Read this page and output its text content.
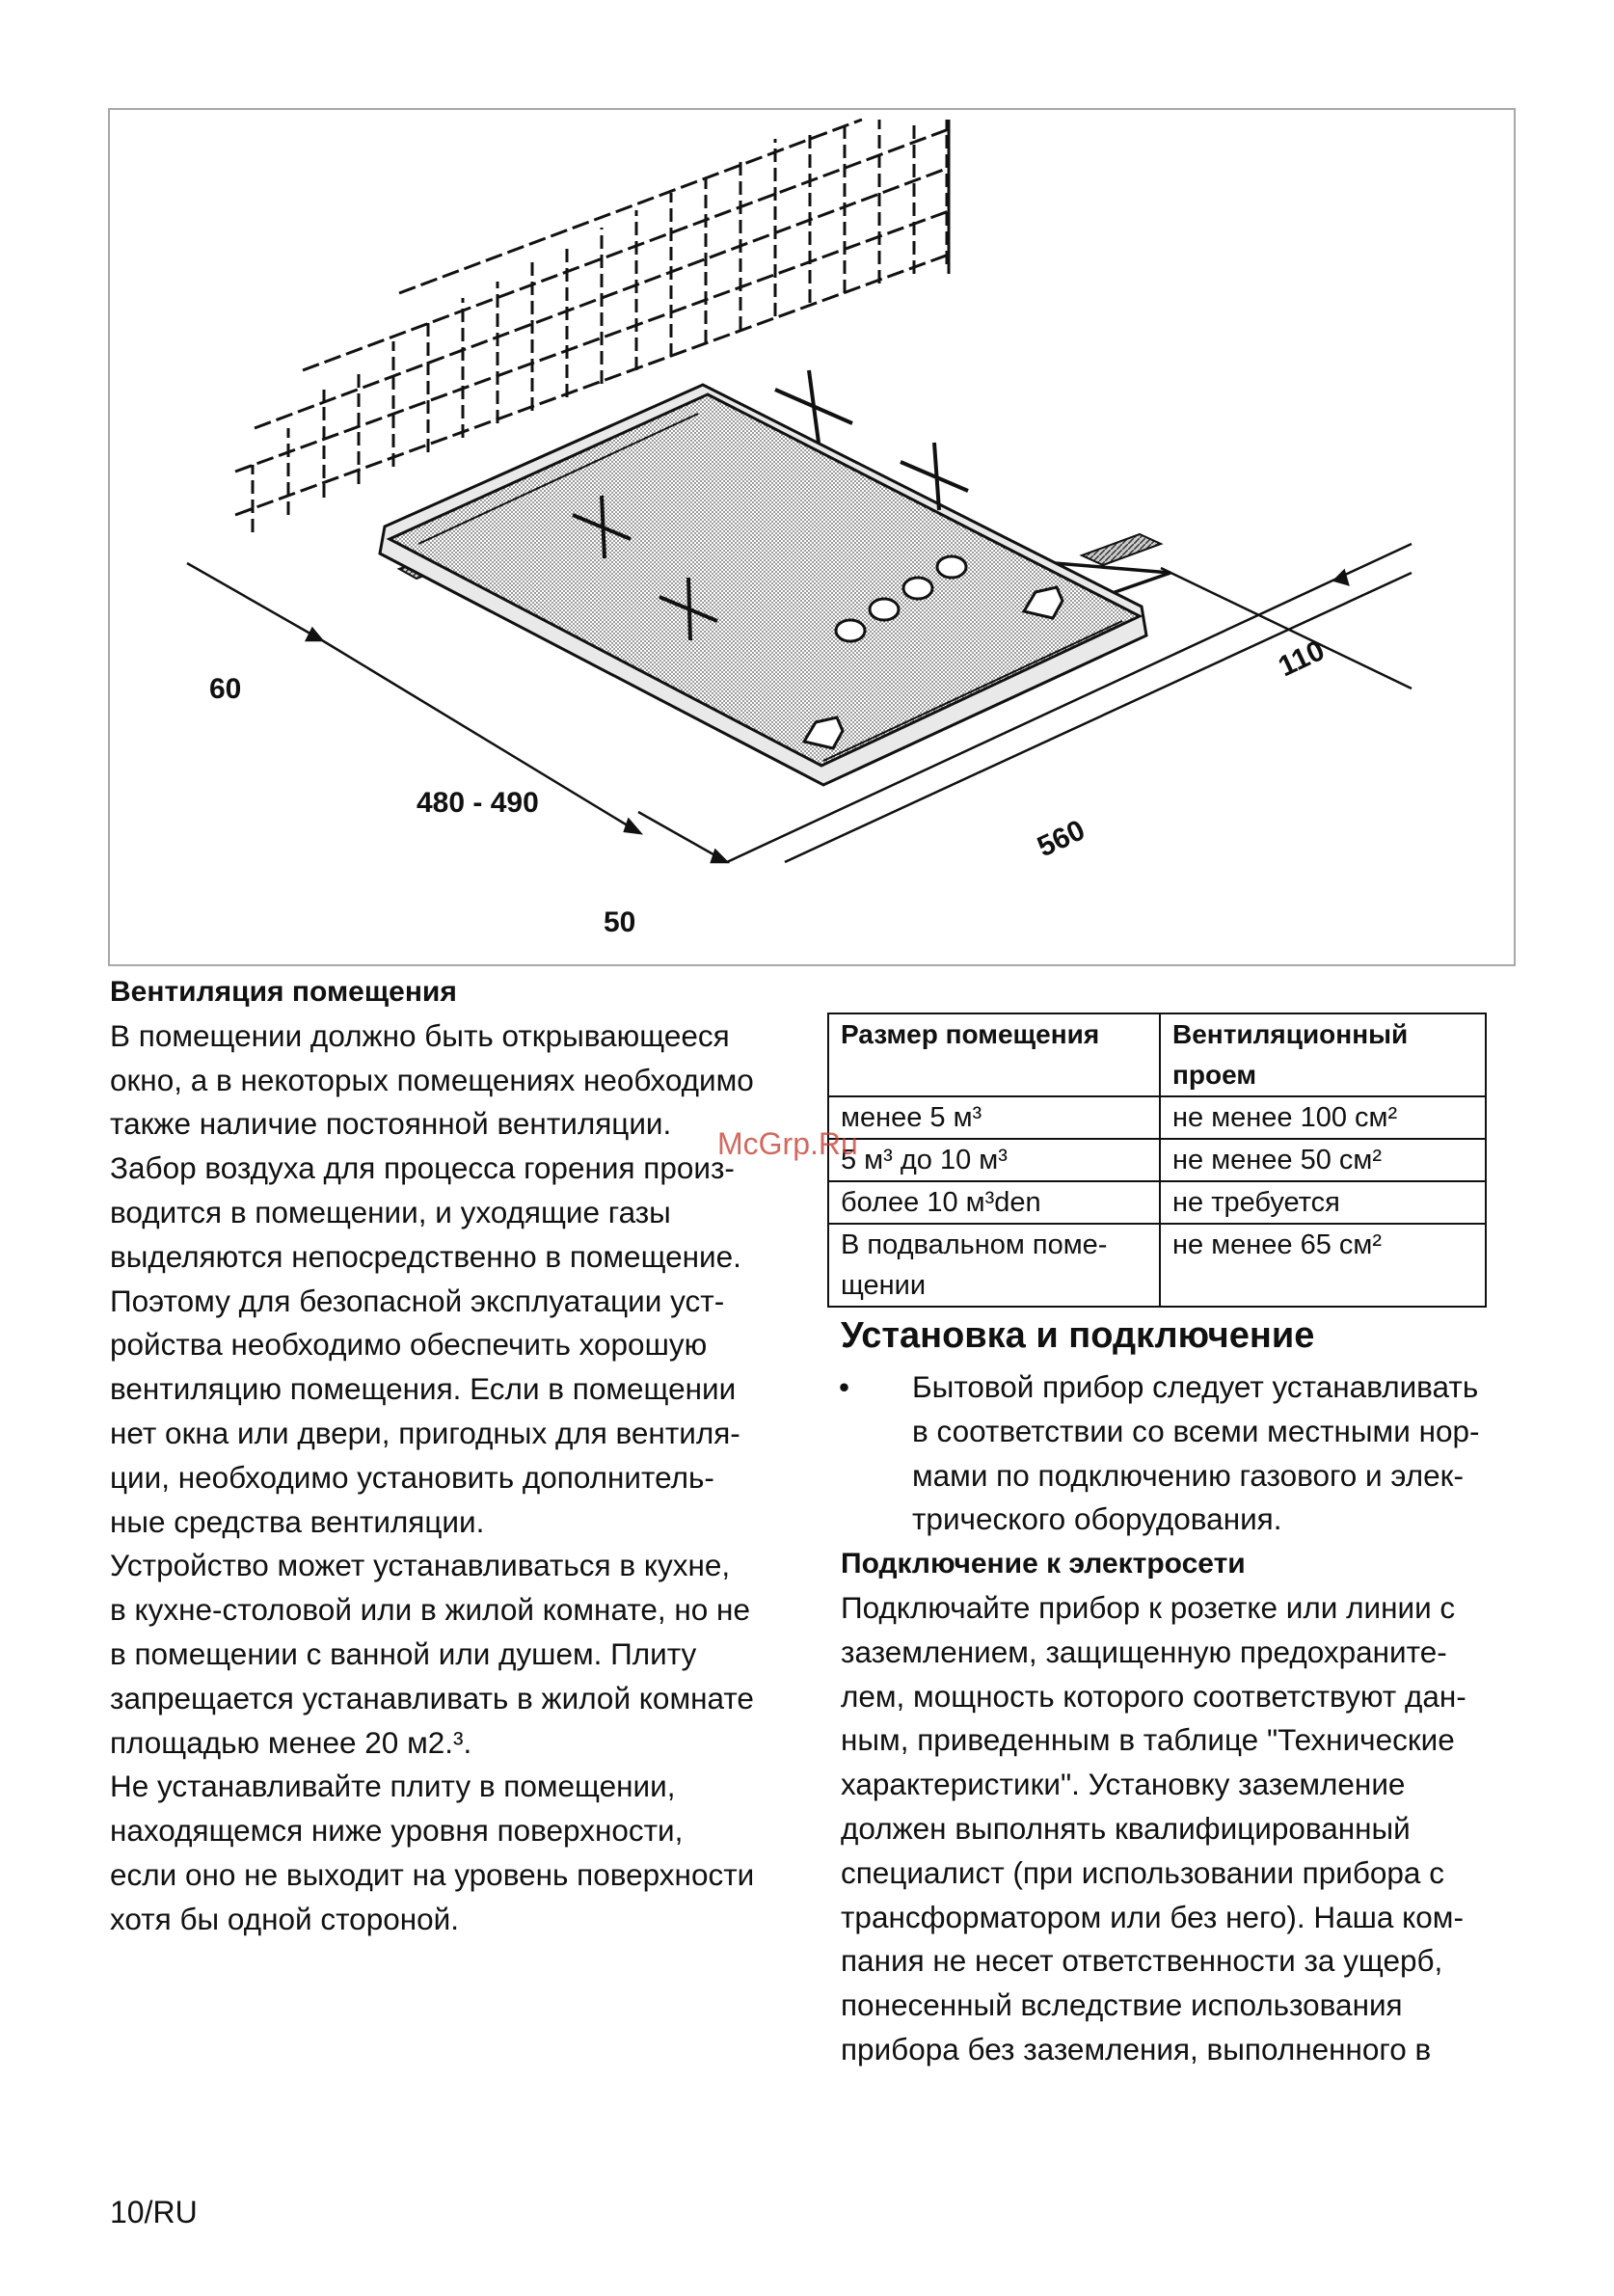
60
480 - 490
50
560
110
Вентиляция помещения
В помещении должно быть открывающееся
окно, а в некоторых помещениях необходимо
также наличие постоянной вентиляции.
Забор воздуха для процесса горения произ-
водится в помещении, и уходящие газы
выделяются непосредственно в помещение.
Поэтому для безопасной эксплуатации уст-
ройства необходимо обеспечить хорошую
вентиляцию помещения. Если в помещении
нет окна или двери, пригодных для вентиля-
ции, необходимо установить дополнитель-
ные средства вентиляции.
Устройство может устанавливаться в кухне,
в кухне-столовой или в жилой комнате, но не
в помещении с ванной или душем. Плиту
запрещается устанавливать в жилой комнате
площадью менее 20 м2.³.
Не устанавливайте плиту в помещении,
находящемся ниже уровня поверхности,
если оно не выходит на уровень поверхности
хотя бы одной стороной.
Размер помещения	Вентиляционный проем
менее 5 м³	не менее 100 см²
5 м³ до 10 м³	не менее 50 см²
более 10 м³den	не требуется
В подвальном поме-щении	не менее 65 см²
Установка и подключение
• Бытовой прибор следует устанавливать
в соответствии со всеми местными нор-
мами по подключению газового и элек-
трического оборудования.
Подключение к электросети
Подключайте прибор к розетке или линии с
заземлением, защищенную предохраните-
лем, мощность которого соответствуют дан-
ным, приведенным в таблице "Технические
характеристики". Установку заземление
должен выполнять квалифицированный
специалист (при использовании прибора с
трансформатором или без него). Наша ком-
пания не несет ответственности за ущерб,
понесенный вследствие использования
прибора без заземления, выполненного в
McGrp.Ru
10/RU
